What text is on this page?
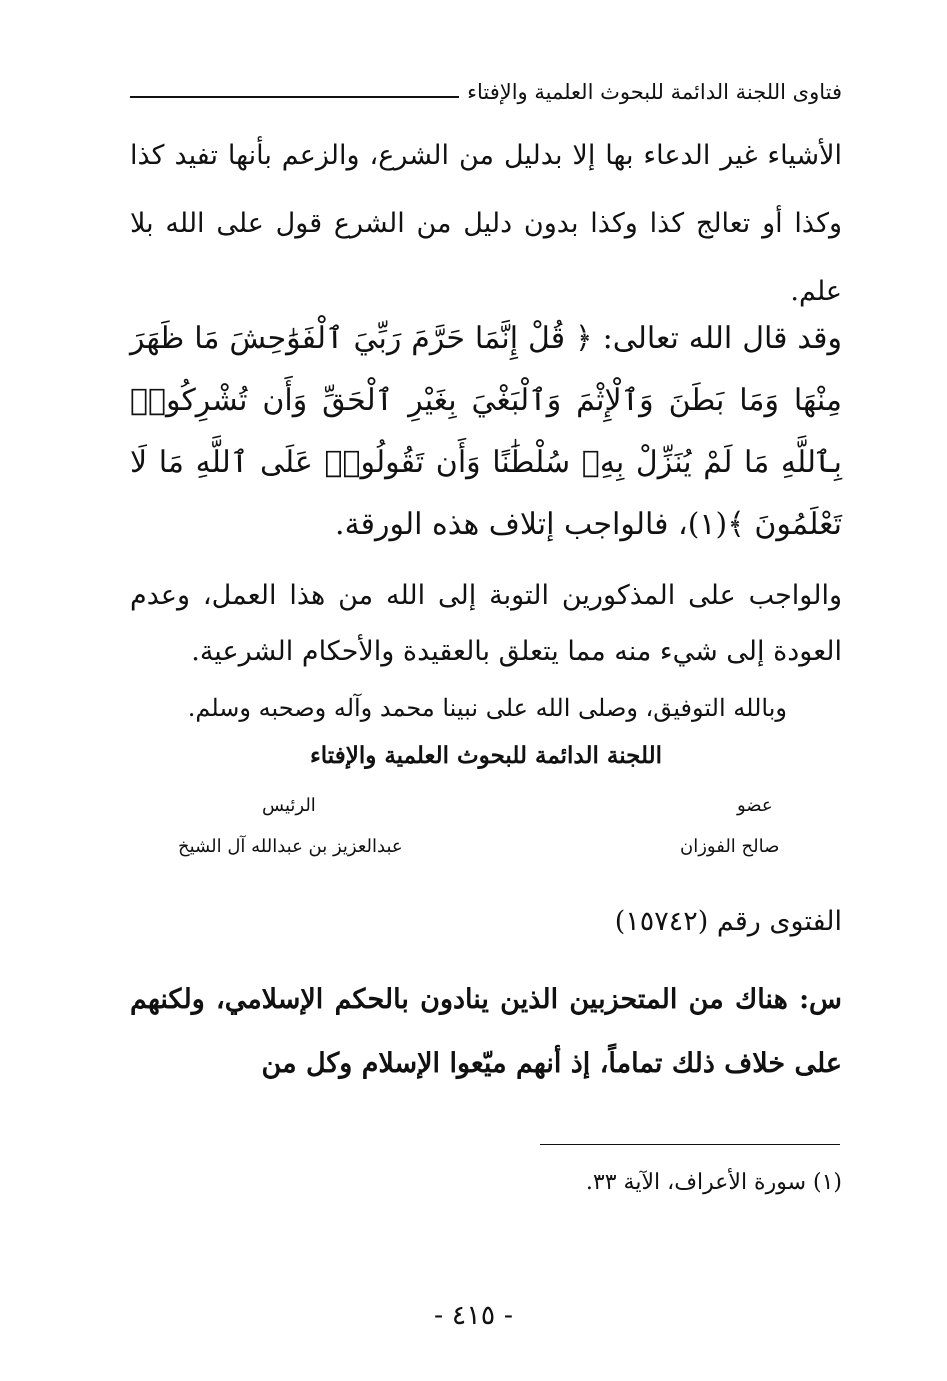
فتاوى اللجنة الدائمة للبحوث العلمية والإفتاء

الأشياء غير الدعاء بها إلا بدليل من الشرع، والزعم بأنها تفيد كذا وكذا أو تعالج كذا وكذا بدون دليل من الشرع قول على الله بلا علم.

وقد قال الله تعالى: ﴿ قُلْ إِنَّمَا حَرَّمَ رَبِّيَ ٱلْفَوَٰحِشَ مَا ظَهَرَ مِنْهَا وَمَا بَطَنَ وَٱلْإِثْمَ وَٱلْبَغْيَ بِغَيْرِ ٱلْحَقِّ وَأَن تُشْرِكُوا۟ بِٱللَّهِ مَا لَمْ يُنَزِّلْ بِهِۦ سُلْطَٰنًا وَأَن تَقُولُوا۟ عَلَى ٱللَّهِ مَا لَا تَعْلَمُونَ ﴾(١)، فالواجب إتلاف هذه الورقة.

والواجب على المذكورين التوبة إلى الله من هذا العمل، وعدم العودة إلى شيء منه مما يتعلق بالعقيدة والأحكام الشرعية.

وبالله التوفيق، وصلى الله على نبينا محمد وآله وصحبه وسلم.

اللجنة الدائمة للبحوث العلمية والإفتاء
عضو
الرئيس
صالح الفوزان
عبدالعزيز بن عبدالله آل الشيخ
الفتوى رقم (١٥٧٤٢)

س: هناك من المتحزبين الذين ينادون بالحكم الإسلامي، ولكنهم على خلاف ذلك تماماً، إذ أنهم ميّعوا الإسلام وكل من

(١) سورة الأعراف، الآية ٣٣.
- ٤١٥ -
